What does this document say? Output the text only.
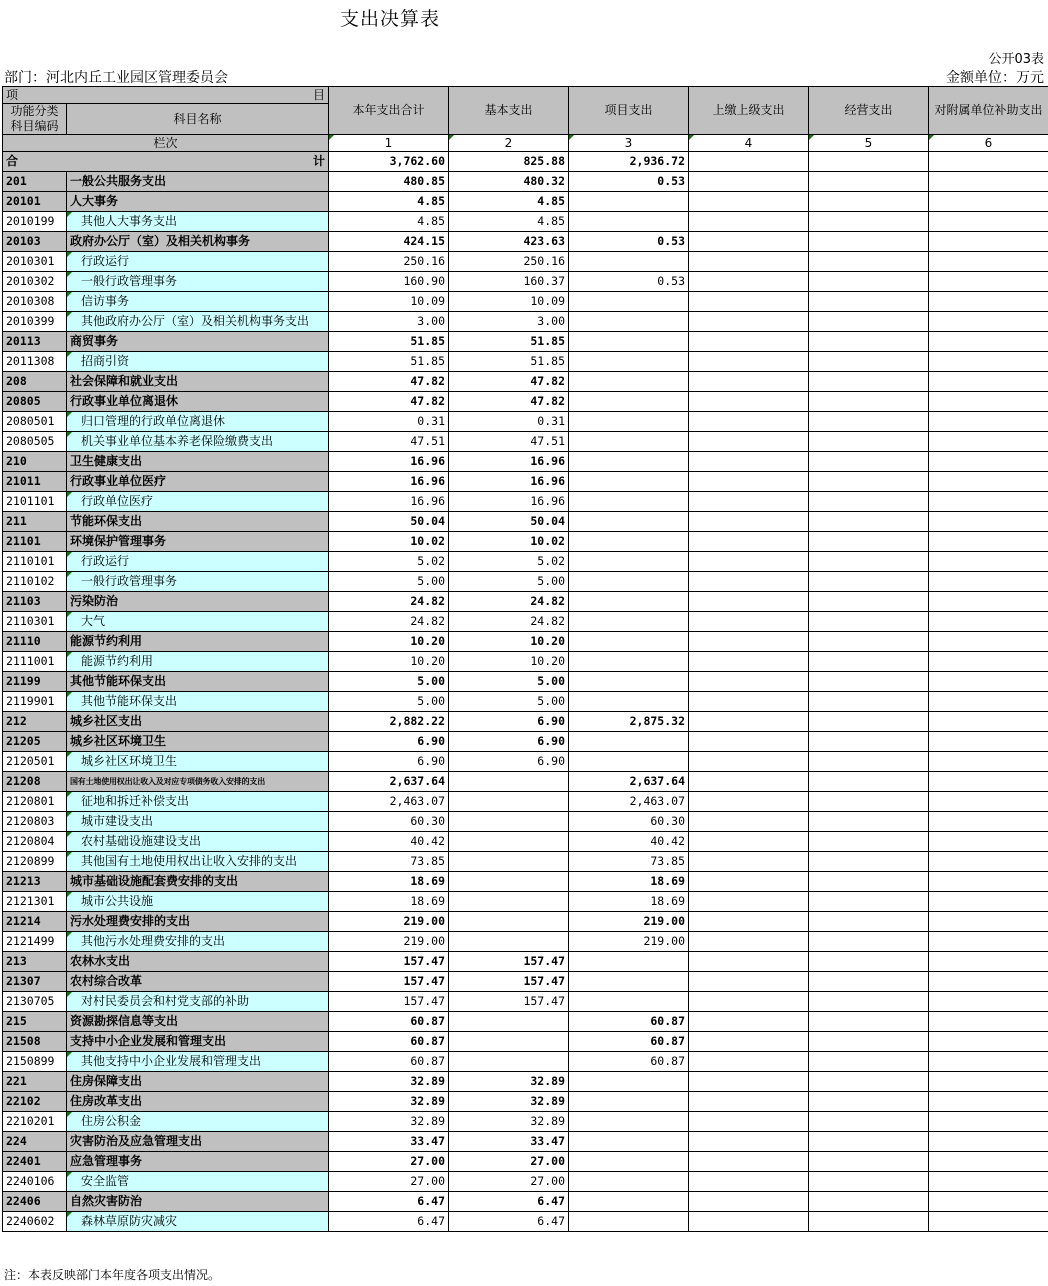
支出决算表
公开03表
部门：河北内丘工业园区管理委员会	金额单位：万元
项 目		本年支出合计	基本支出	项目支出	上缴上级支出	经营支出	对附属单位补助支出
功能分类科目编码	科目名称						

栏次		1	2	3	4	5	6
合 计		3,762.60	825.88	2,936.72			
201	一般公共服务支出	480.85	480.32	0.53			
20101	人大事务	4.85	4.85				
2010199	其他人大事务支出	4.85	4.85				
20103	政府办公厅（室）及相关机构事务	424.15	423.63	0.53			
2010301	行政运行	250.16	250.16				
2010302	一般行政管理事务	160.90	160.37	0.53			
2010308	信访事务	10.09	10.09				
2010399	其他政府办公厅（室）及相关机构事务支出	3.00	3.00				
20113	商贸事务	51.85	51.85				
2011308	招商引资	51.85	51.85				
208	社会保障和就业支出	47.82	47.82				
20805	行政事业单位离退休	47.82	47.82				
2080501	归口管理的行政单位离退休	0.31	0.31				
2080505	机关事业单位基本养老保险缴费支出	47.51	47.51				
210	卫生健康支出	16.96	16.96				
21011	行政事业单位医疗	16.96	16.96				
2101101	行政单位医疗	16.96	16.96				
211	节能环保支出	50.04	50.04				
21101	环境保护管理事务	10.02	10.02				
2110101	行政运行	5.02	5.02				
2110102	一般行政管理事务	5.00	5.00				
21103	污染防治	24.82	24.82				
2110301	大气	24.82	24.82				
21110	能源节约利用	10.20	10.20				
2111001	能源节约利用	10.20	10.20				
21199	其他节能环保支出	5.00	5.00				
2119901	其他节能环保支出	5.00	5.00				
212	城乡社区支出	2,882.22	6.90	2,875.32			
21205	城乡社区环境卫生	6.90	6.90				
2120501	城乡社区环境卫生	6.90	6.90				
21208	国有土地使用权出让收入及对应专项债务收入安排的支出	2,637.64		2,637.64			
2120801	征地和拆迁补偿支出	2,463.07		2,463.07			
2120803	城市建设支出	60.30		60.30			
2120804	农村基础设施建设支出	40.42		40.42			
2120899	其他国有土地使用权出让收入安排的支出	73.85		73.85			
21213	城市基础设施配套费安排的支出	18.69		18.69			
2121301	城市公共设施	18.69		18.69			
21214	污水处理费安排的支出	219.00		219.00			
2121499	其他污水处理费安排的支出	219.00		219.00			
213	农林水支出	157.47	157.47				
21307	农村综合改革	157.47	157.47				
2130705	对村民委员会和村党支部的补助	157.47	157.47				
215	资源勘探信息等支出	60.87		60.87			
21508	支持中小企业发展和管理支出	60.87		60.87			
2150899	其他支持中小企业发展和管理支出	60.87		60.87			
221	住房保障支出	32.89	32.89				
22102	住房改革支出	32.89	32.89				
2210201	住房公积金	32.89	32.89				
224	灾害防治及应急管理支出	33.47	33.47				
22401	应急管理事务	27.00	27.00				
2240106	安全监管	27.00	27.00				
22406	自然灾害防治	6.47	6.47				
2240602	森林草原防灾减灾	6.47	6.47				
注：本表反映部门本年度各项支出情况。
